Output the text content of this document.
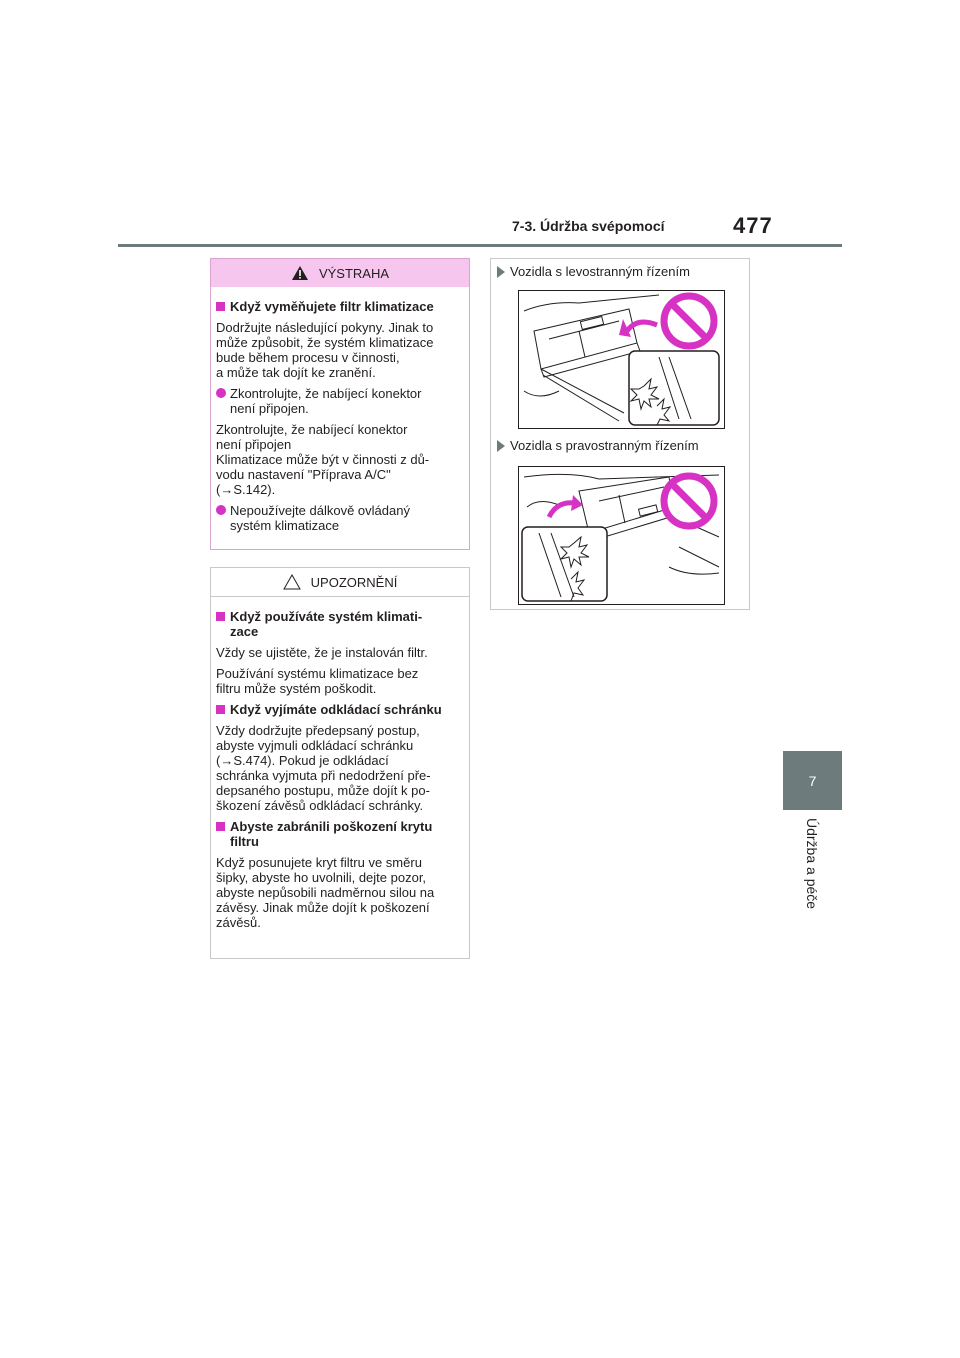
7-3. Údržba svépomocí	477
7
Údržba a péče
VÝSTRAHA
Když vyměňujete filtr klimatizace
Dodržujte následující pokyny. Jinak to
může způsobit, že systém klimatizace
bude během procesu v činnosti,
a může tak dojít ke zranění.
Zkontrolujte, že nabíjecí konektor
není připojen.
Zkontrolujte, že nabíjecí konektor
není připojen
Klimatizace může být v činnosti z dů-
vodu nastavení "Příprava A/C"
(→S.142).
Nepoužívejte dálkově ovládaný
systém klimatizace
UPOZORNĚNÍ
Když používáte systém klimati-
zace
Vždy se ujistěte, že je instalován filtr.
Používání systému klimatizace bez
filtru může systém poškodit.
Když vyjímáte odkládací schránku
Vždy dodržujte předepsaný postup,
abyste vyjmuli odkládací schránku
(→S.474). Pokud je odkládací
schránka vyjmuta při nedodržení pře-
depsaného postupu, může dojít k po-
škození závěsů odkládací schránky.
Abyste zabránili poškození krytu
filtru
Když posunujete kryt filtru ve směru
šipky, abyste ho uvolnili, dejte pozor,
abyste nepůsobili nadměrnou silou na
závěsy. Jinak může dojít k poškození
závěsů.
Vozidla s levostranným řízením
Vozidla s pravostranným řízením
